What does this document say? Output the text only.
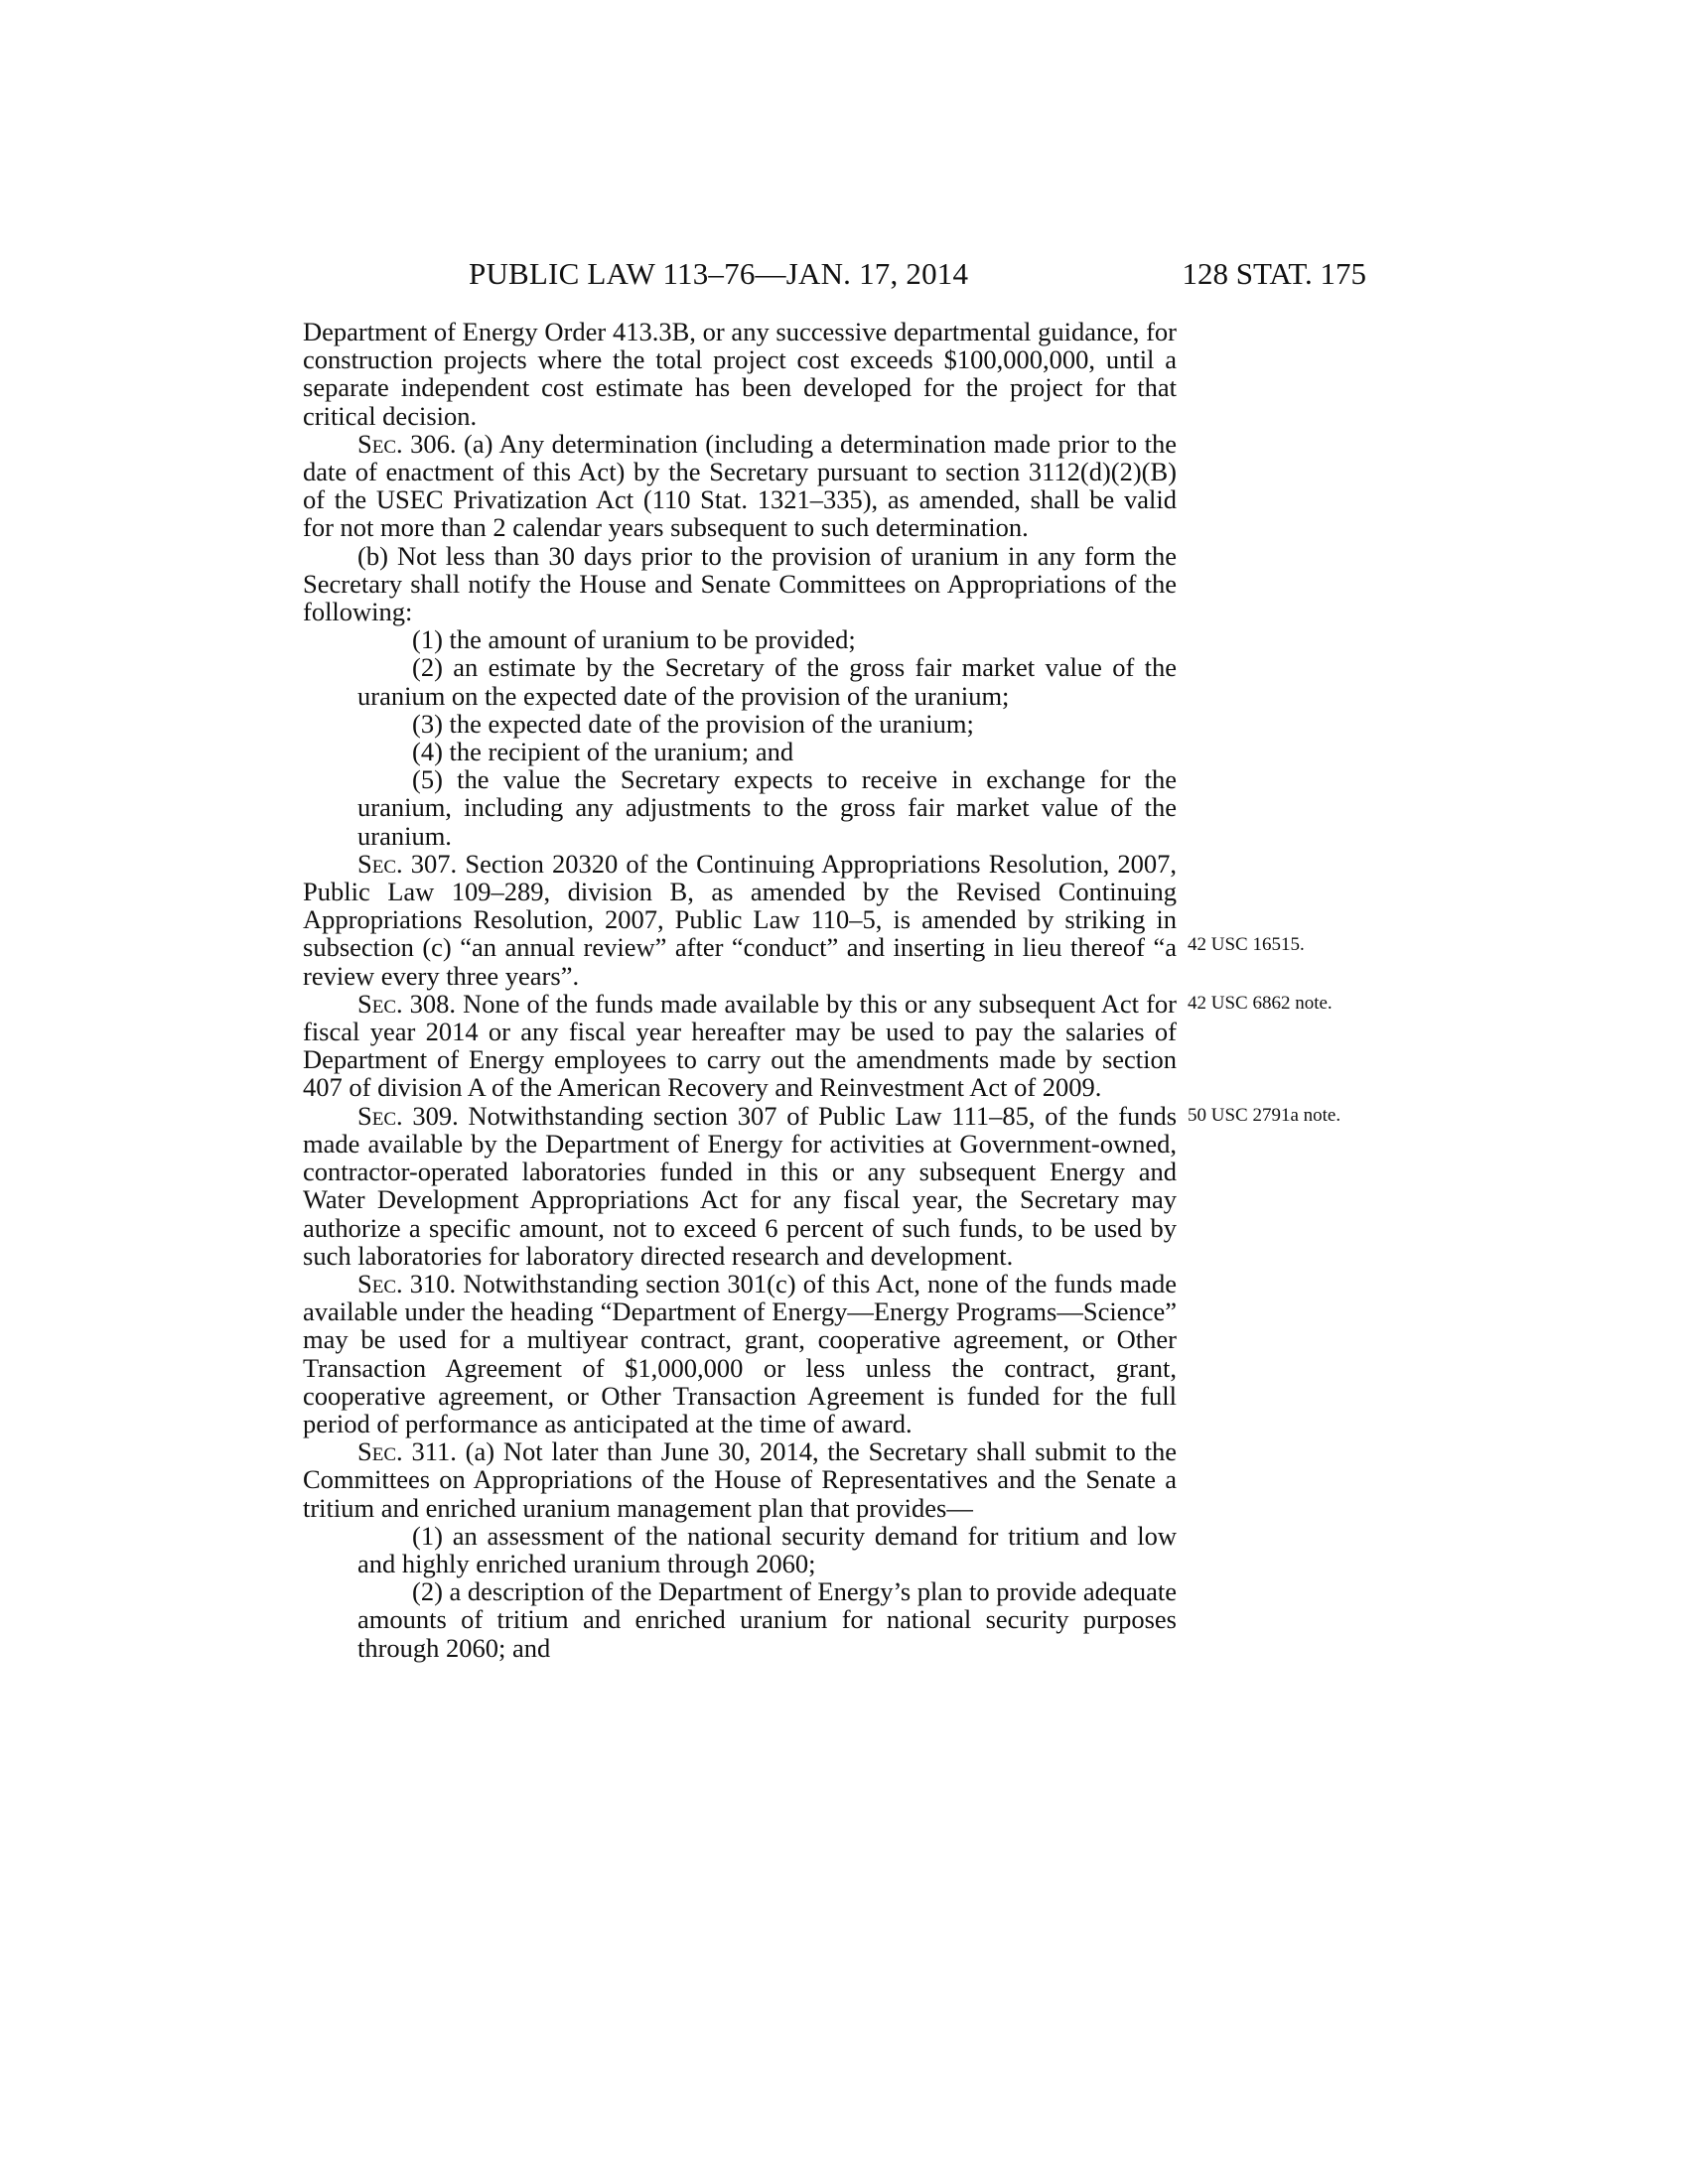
PUBLIC LAW 113–76—JAN. 17, 2014	128 STAT. 175

Department of Energy Order 413.3B, or any successive departmental guidance, for construction projects where the total project cost exceeds $100,000,000, until a separate independent cost estimate has been developed for the project for that critical decision.

Sec. 306. (a) Any determination (including a determination made prior to the date of enactment of this Act) by the Secretary pursuant to section 3112(d)(2)(B) of the USEC Privatization Act (110 Stat. 1321–335), as amended, shall be valid for not more than 2 calendar years subsequent to such determination.

(b) Not less than 30 days prior to the provision of uranium in any form the Secretary shall notify the House and Senate Committees on Appropriations of the following:

(1) the amount of uranium to be provided;

(2) an estimate by the Secretary of the gross fair market value of the uranium on the expected date of the provision of the uranium;

(3) the expected date of the provision of the uranium;

(4) the recipient of the uranium; and

(5) the value the Secretary expects to receive in exchange for the uranium, including any adjustments to the gross fair market value of the uranium.

Sec. 307. Section 20320 of the Continuing Appropriations Resolution, 2007, Public Law 109–289, division B, as amended by the Revised Continuing Appropriations Resolution, 2007, Public Law 110–5, is amended by striking in subsection (c) “an annual review” after “conduct” and inserting in lieu thereof “a review every three years”.
42 USC 16515.

Sec. 308. None of the funds made available by this or any subsequent Act for fiscal year 2014 or any fiscal year hereafter may be used to pay the salaries of Department of Energy employees to carry out the amendments made by section 407 of division A of the American Recovery and Reinvestment Act of 2009.
42 USC 6862 note.

Sec. 309. Notwithstanding section 307 of Public Law 111–85, of the funds made available by the Department of Energy for activities at Government-owned, contractor-operated laboratories funded in this or any subsequent Energy and Water Development Appropriations Act for any fiscal year, the Secretary may authorize a specific amount, not to exceed 6 percent of such funds, to be used by such laboratories for laboratory directed research and development.
50 USC 2791a note.

Sec. 310. Notwithstanding section 301(c) of this Act, none of the funds made available under the heading “Department of Energy—Energy Programs—Science” may be used for a multiyear contract, grant, cooperative agreement, or Other Transaction Agreement of $1,000,000 or less unless the contract, grant, cooperative agreement, or Other Transaction Agreement is funded for the full period of performance as anticipated at the time of award.

Sec. 311. (a) Not later than June 30, 2014, the Secretary shall submit to the Committees on Appropriations of the House of Representatives and the Senate a tritium and enriched uranium management plan that provides—

(1) an assessment of the national security demand for tritium and low and highly enriched uranium through 2060;

(2) a description of the Department of Energy’s plan to provide adequate amounts of tritium and enriched uranium for national security purposes through 2060; and
